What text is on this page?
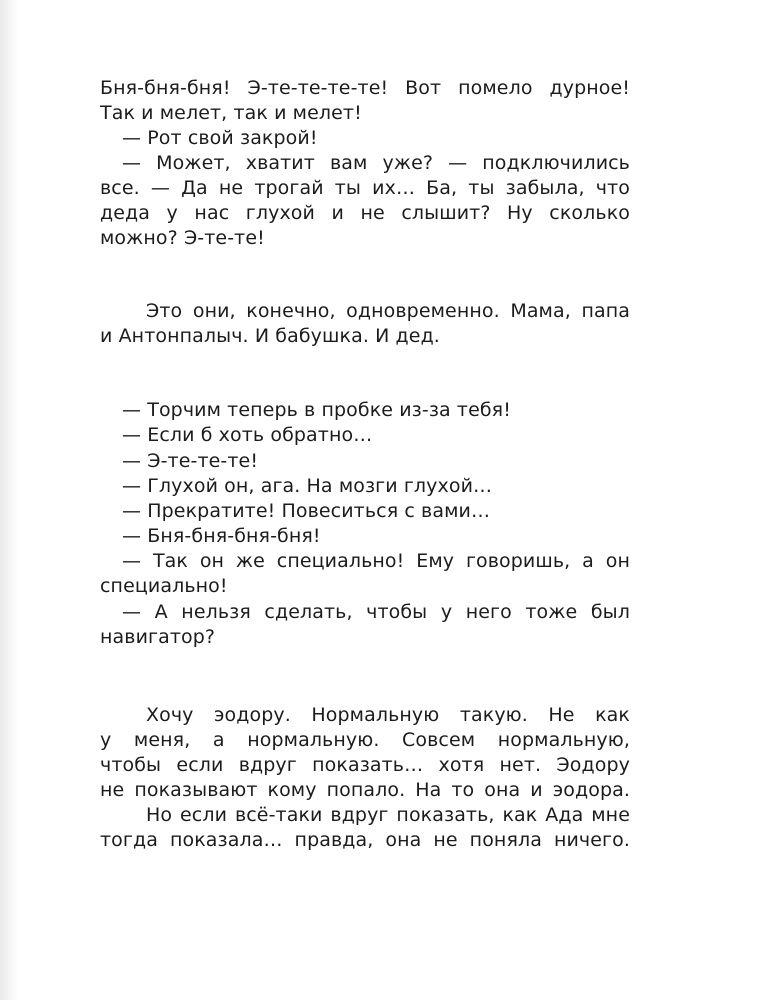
Бня-бня-бня! Э-те-те-те-те! Вот помело дурное!
Так и мелет, так и мелет!
— Рот свой закрой!
— Может, хватит вам уже? — подключились
все. — Да не трогай ты их… Ба, ты забыла, что
деда у нас глухой и не слышит? Ну сколько
можно? Э-те-те!
Это они, конечно, одновременно. Мама, папа
и Антонпалыч. И бабушка. И дед.
— Торчим теперь в пробке из-за тебя!
— Если б хоть обратно…
— Э-те-те-те!
— Глухой он, ага. На мозги глухой…
— Прекратите! Повеситься с вами…
— Бня-бня-бня-бня!
— Так он же специально! Ему говоришь, а он
специально!
— А нельзя сделать, чтобы у него тоже был
навигатор?
Хочу эодору. Нормальную такую. Не как
у меня, а нормальную. Совсем нормальную,
чтобы если вдруг показать… хотя нет. Эодору
не показывают кому попало. На то она и эодора.
Но если всё-таки вдруг показать, как Ада мне
тогда показала… правда, она не поняла ничего.
